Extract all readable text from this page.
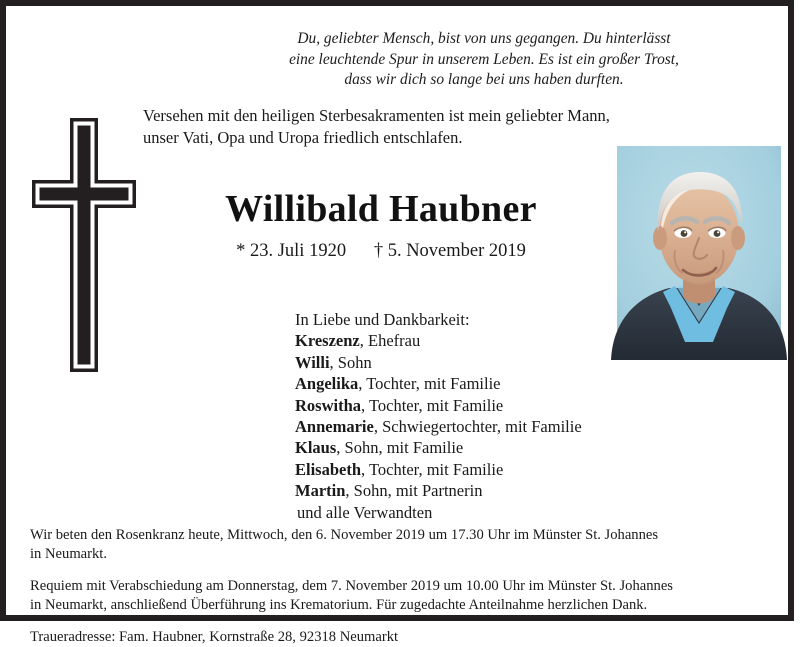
Du, geliebter Mensch, bist von uns gegangen. Du hinterlässt
eine leuchtende Spur in unserem Leben. Es ist ein großer Trost,
dass wir dich so lange bei uns haben durften.
Versehen mit den heiligen Sterbesakramenten ist mein geliebter Mann,
unser Vati, Opa und Uropa friedlich entschlafen.
Willibald Haubner
* 23. Juli 1920      † 5. November 2019
In Liebe und Dankbarkeit:
Kreszenz, Ehefrau
Willi, Sohn
Angelika, Tochter, mit Familie
Roswitha, Tochter, mit Familie
Annemarie, Schwiegertochter, mit Familie
Klaus, Sohn, mit Familie
Elisabeth, Tochter, mit Familie
Martin, Sohn, mit Partnerin
und alle Verwandten

Wir beten den Rosenkranz heute, Mittwoch, den 6. November 2019 um 17.30 Uhr im Münster St. Johannes
in Neumarkt.

Requiem mit Verabschiedung am Donnerstag, dem 7. November 2019 um 10.00 Uhr im Münster St. Johannes
in Neumarkt, anschließend Überführung ins Krematorium. Für zugedachte Anteilnahme herzlichen Dank.

Traueradresse: Fam. Haubner, Kornstraße 28, 92318 Neumarkt
